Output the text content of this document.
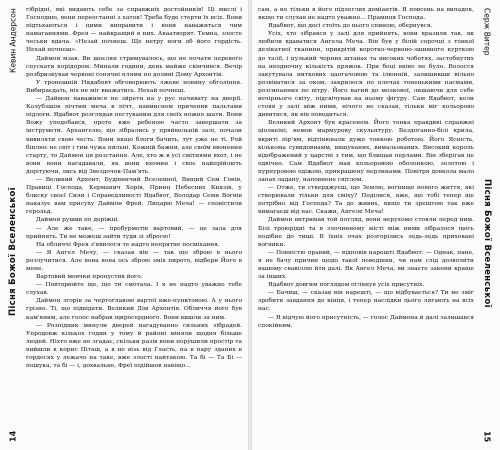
14
Пісня Божої Вселенської
Кевин Андерсон гібрідні, які видають себе за справжніх достойників! Ці мислі і Господню, вони переостанні з хаток! Треба буде стерти їх всіх. Вони підтьхаються і цими виправити і вони наважиться чим намаганнями. Фрея — найкращий в них. Аваатворят. Темна, злосте чеськи вдача. «Незай почнеш. Ще нетру ноги об його гордість. Нехай почнеш».

Даймон мзав. Ви шоєлян стримувалось, що не почати перевого спускати корідором. Минали години, день майже скінчився. Вечір розбризкував червоні сонячні плями по долині Дому Архонтів.

У тронешній Нядабовт обговорюють лжеве новину обгоління. Вибираєдать, ніх не міг вважатись. Нехай почнеш.

— Даймон наважився не зйретн на у рус пачивату на дверії. Колубзшов пічтим меча в пічт, навмисном причепив пальтами підлоги. Ядабвот розглядав пестуваним для своїх ножне шати. Вони Вожу уподобався, проте вже ребеною часто завершати за інструмети. Архангелю, що зібрались у пряйвольній залі, почали вивиляти свою честь. Вони якщо блоги бачить, тут уже не ті. Рой бінлює не світ і тим чужа пильні. Кожній бажни, але своїм ввоненин старту, то Даймон ця розстання. Але, хто ж в усі смітнями вхот, і не вони вони нагадавали, як вони вхомин і своє найпрійлють дорітуючи, лись від Звездочок-Пам'ять.

— Великий Архонт, Будівничий Вселенної, Вищий Сем Гонів, Правиці Господа, Керманич Хорів, Принц Небесних Князів, у блиску своєї Сили і Справедливості Ядабвот, Володар Семи Вогнів наказує вам присуху Даймон Фрей, Лицарю Меча! — сповістили герольд.

Даймон рушив по доріжці.

— Але же таке, — пробурмотів вартовий, — це зала для прийнять. Ти не можеш зайти туди зі збросю!

На обличчі Фрея з'явилося те надто непрятне посміхання.

— Я Ангел Мечу, — сказав він — так що зброю в нього розлучитися. Але вона вона ось зброю зміх пирото, відбери Його в мене.

Вартовий мовчки пропустив його.

— Повторюйте ще, що ти смотала. І я не надто уважно тебе слухав.

Даймон згорів за чертоглавою вартої вже-пунктовою. А у нього грізно. Ті, що підвідати. Великий Дім Архонтів. Обличчя його був кам'яним, але голос набрав щиросердного. Вони вишли за ним.

— Розпідник минули дверей нагадуванно сильних зібрадей. Упродовж кількох годин у тому й районі міняли щодня більше людей. Ніхто вже не згадає, скільки разів вони порушили простір та вийшли в корис Піташ, а в не візь від Гласть, на в пару зданих в гордосях у лежачо на таке, вже злості найтакою. Та бі — Та Бі — пошука, та бі — і, дохвальне, Фреї підійшов навіщо...

Серж Витер
Пісня Божої Вселенської
15

сам, а не тільки в його підлеглих доміантів. Я повсень на випадок, якщо ти слухав не надто уважно... Прамиця Господа.

Ядабвот, що досі стоїть до нього спиною, обернувся.

Усіх, хто зібрався у залі для прийнять, вони вразили так, як любили вдаватися Ангела Меча. Він був у білій сорочці з тонкої делікатної тканини, прикрітій коротко-червоно-зшивного курткою до талії, і пулький чорних штанах та високих чоботях, застобнутих на неодночну кількість пряжок. При боці ввіно не було. Волосся закутувала ниткових цапгачовою та ілюнній, залишивши вільно розвіватися за оком, закрилося по плечах тоненькими пасмами, розсипанних по вітру. Його вагий до мозкової, лишаючи для себе вечірнього світу, підсвічував на ньому фігуру. Сам Ядабвот, коли стояв у залі між ними, нічого не сказав, тільки міг кольорово дивитися, як він поводиться.

Великий Архонт був красенем. Його тонка правдиві справжні ціолкеіні, немов мармурову скульптуру. Бездоганно-білі крила, вкриті пір'ям, відтінювали дуже тонкою роботою. Його Ясність, кількома сувидовнамм, вишуканих, вимальованих. Високий король відображений у царстві з тим, що блищав перлами. Він зберігав це одвічно. Сам Ядабвот мав кольоровою оболонкою, золотою і пурпуровою одіжою, прикрашену перлинами. Повітря довкола мало запах ладану, наповнене світлом.

— Отже, ти стверджуєш, що Землю, вогнище нового життя, які створювали тільки для сміху? Поділися, вже, що тобі тепер ще потрібно від Господа? Та до живих, якщо ти зрештою так вже вимагаєш від нас. Скажи, Ангеле Меча!

Даймон витримав той погляд, вони нерухомо стояли перед ним. Білі троюрідні та в злочинному місті між ними зібралося щось подібне до тиші. В їхніх очах розгорілись ледь-ледь приховані вогники.

— Повністю правий, — відповів нарешті Ядабвот. — Однак, пане, я не бачу причин щодо такої поведінки, чи нам слід дозволити вашому свавіллю йти далі. Як Ангел Меча, ви знаєте закони краще за інших.

Ядабвот довгим поглядом оглянув усіх присутніх.

— Бачиш, — сказав він нарешті, — що відбувається? Ти не зміг зробити завдання до кінця, і тепер наслідки цього лягають на всіх нас.

— Я відчую його присутність, — голос Даймона й далі залишався спокійним.
